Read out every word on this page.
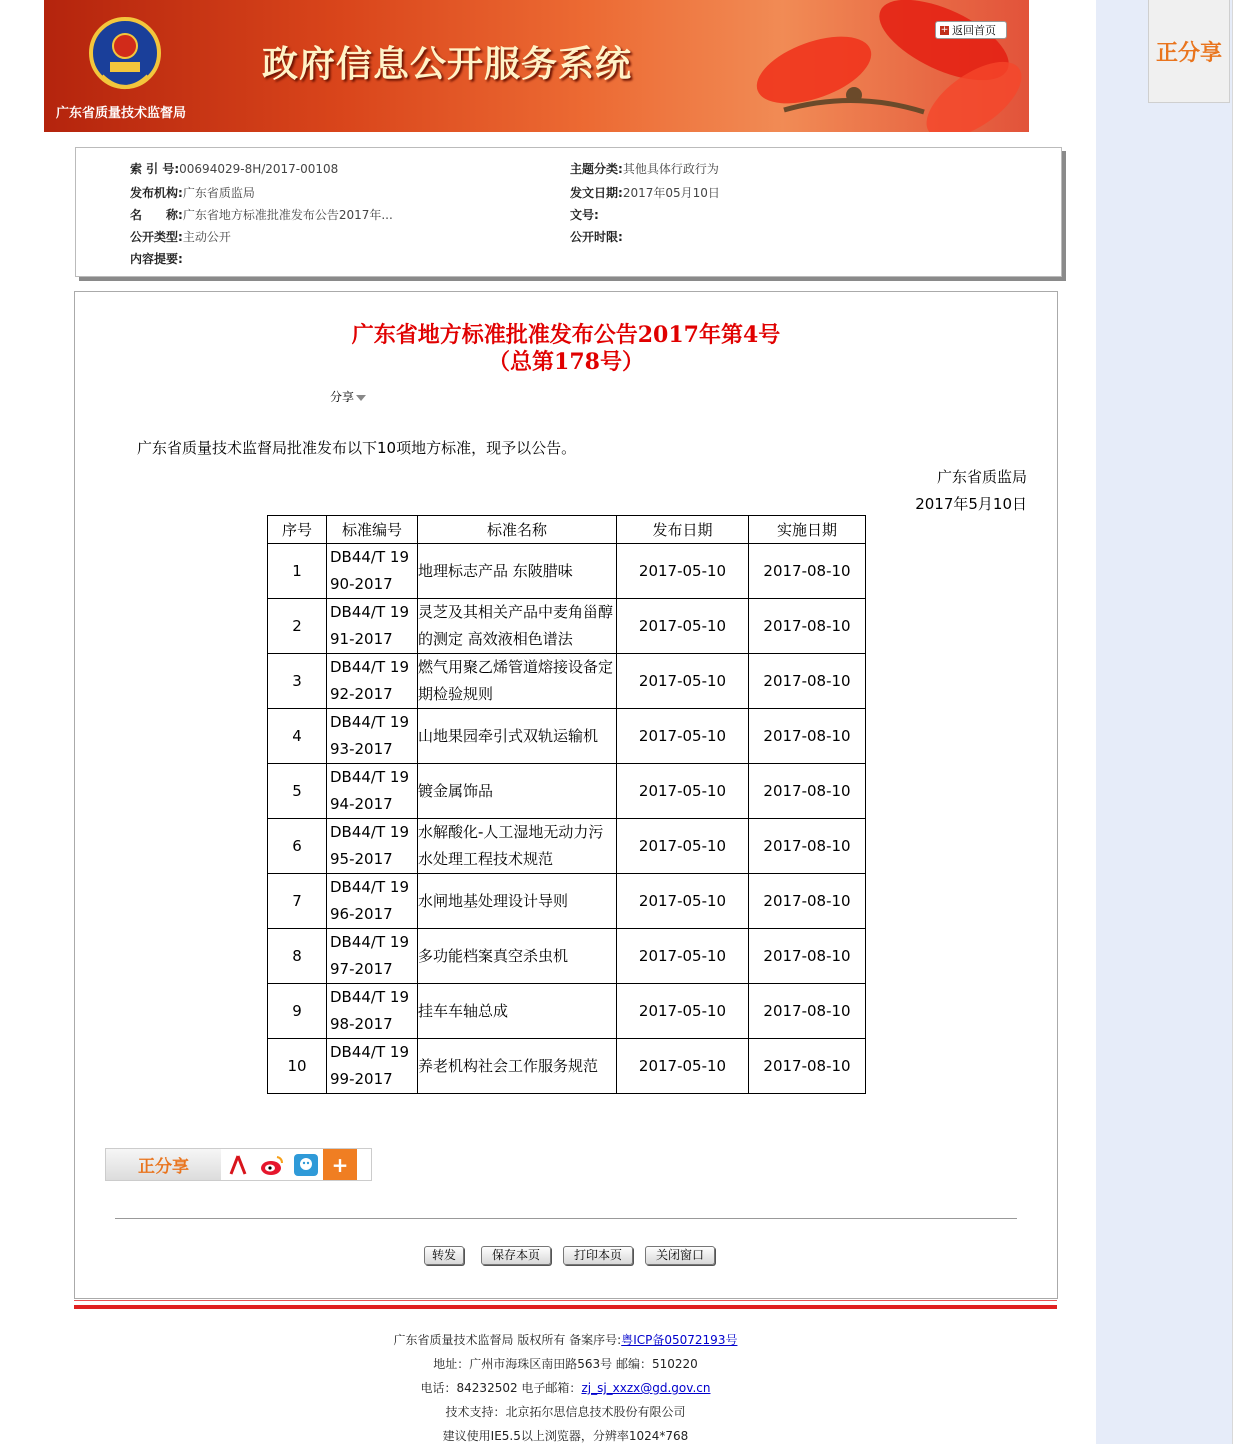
正分享
政府信息公开服务系统
广东省质量技术监督局
+ 返回首页
索 引 号:00694029-8H/2017-00108	主题分类:其他具体行政行为
发布机构:广东省质监局	发文日期:2017年05月10日
名　　称:广东省地方标准批准发布公告2017年...	文号:
公开类型:主动公开	公开时限:
内容提要:
广东省地方标准批准发布公告2017年第4号
（总第178号）
分享
广东省质量技术监督局批准发布以下10项地方标准，现予以公告。
广东省质监局
2017年5月10日
序号	标准编号	标准名称	发布日期	实施日期
1	DB44/T 1990-2017	地理标志产品 东陂腊味	2017-05-10	2017-08-10
2	DB44/T 1991-2017	灵芝及其相关产品中麦角甾醇的测定 高效液相色谱法	2017-05-10	2017-08-10
3	DB44/T 1992-2017	燃气用聚乙烯管道熔接设备定期检验规则	2017-05-10	2017-08-10
4	DB44/T 1993-2017	山地果园牵引式双轨运输机	2017-05-10	2017-08-10
5	DB44/T 1994-2017	镀金属饰品	2017-05-10	2017-08-10
6	DB44/T 1995-2017	水解酸化-人工湿地无动力污水处理工程技术规范	2017-05-10	2017-08-10
7	DB44/T 1996-2017	水闸地基处理设计导则	2017-05-10	2017-08-10
8	DB44/T 1997-2017	多功能档案真空杀虫机	2017-05-10	2017-08-10
9	DB44/T 1998-2017	挂车车轴总成	2017-05-10	2017-08-10
10	DB44/T 1999-2017	养老机构社会工作服务规范	2017-05-10	2017-08-10
正分享	+
转发	保存本页	打印本页	关闭窗口
广东省质量技术监督局 版权所有 备案序号:粤ICP备05072193号
地址：广州市海珠区南田路563号 邮编：510220
电话：84232502 电子邮箱：zj_sj_xxzx@gd.gov.cn
技术支持：北京拓尔思信息技术股份有限公司
建议使用IE5.5以上浏览器，分辨率1024*768
